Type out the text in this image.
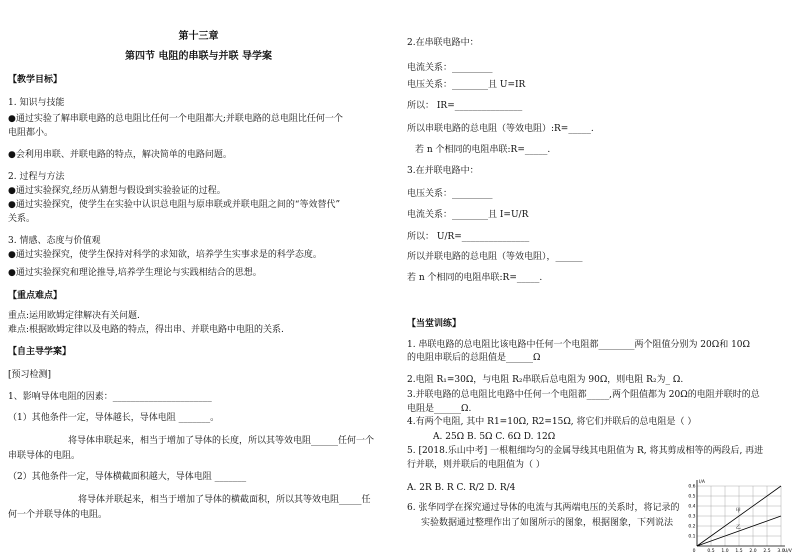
第十三章
第四节 电阻的串联与并联 导学案
【教学目标】
1. 知识与技能
●通过实验了解串联电路的总电阻比任何一个电阻都大;并联电路的总电阻比任何一个
电阻都小。
●会利用串联、并联电路的特点，解决简单的电路问题。
2. 过程与方法
●通过实验探究,经历从猜想与假设到实验验证的过程。
●通过实验探究，使学生在实验中认识总电阻与原串联或并联电阻之间的“等效替代”
关系。
3. 情感、态度与价值观
●通过实验探究，使学生保持对科学的求知欲，培养学生实事求是的科学态度。
●通过实验探究和理论推导,培养学生理论与实践相结合的思想。
【重点难点】
重点:运用欧姆定律解决有关问题.
难点:根据欧姆定律以及电路的特点，得出串、并联电路中电阻的关系.
【自主导学案】
[预习检测]
1、影响导体电阻的因素：______________________
（1）其他条件一定，导体越长，导体电阻 _______。
将导体串联起来，相当于增加了导体的长度，所以其等效电阻______任何一个
串联导体的电阻。
（2）其他条件一定，导体横截面积越大，导体电阻 _______
将导体并联起来，相当于增加了导体的横截面积，所以其等效电阻_____任
何一个并联导体的电阻。
2.在串联电路中：
电流关系：_________
电压关系：________且 U=IR
所以： IR=_______________
所以串联电路的总电阻（等效电阻）:R=_____.
若 n 个相同的电阻串联:R=_____.
3.在并联电路中：
电压关系：_________
电流关系：________且 I=U/R
所以： U/R=_______________
所以并联电路的总电阻（等效电阻），______
若 n 个相同的电阻串联:R=_____.
【当堂训练】
1. 串联电路的总电阻比该电路中任何一个电阻都________两个阻值分别为 20Ω和 10Ω
的电阻串联后的总阻值是______Ω
2.电阻 R₁=30Ω，与电阻 R₂串联后总电阻为 90Ω，则电阻 R₂为_ Ω.
3.并联电路的总电阻比电路中任何一个电阻都_____,两个阻值都为 20Ω的电阻并联时的总
电阻是______Ω.
4.有两个电阻, 其中 R1=10Ω, R2=15Ω, 将它们并联后的总电阻是（ ）
A. 25Ω B. 5Ω C. 6Ω D. 12Ω
5. [2018.乐山中考] 一根粗细均匀的金属导线其电阻值为 R, 将其剪成相等的两段后, 再进
行并联，则并联后的电阻值为（ ）
A. 2R B. R C. R/2 D. R/4
6. 张华同学在探究通过导体的电流与其两端电压的关系时，将记录的
实验数据通过整理作出了如图所示的图象，根据图象，下列说法
0.5 1.0 1.5 2.0 2.5 3.0
0.1
0.2
0.3
0.4
0.5
0.6
0	U/V
I/A
甲
乙
